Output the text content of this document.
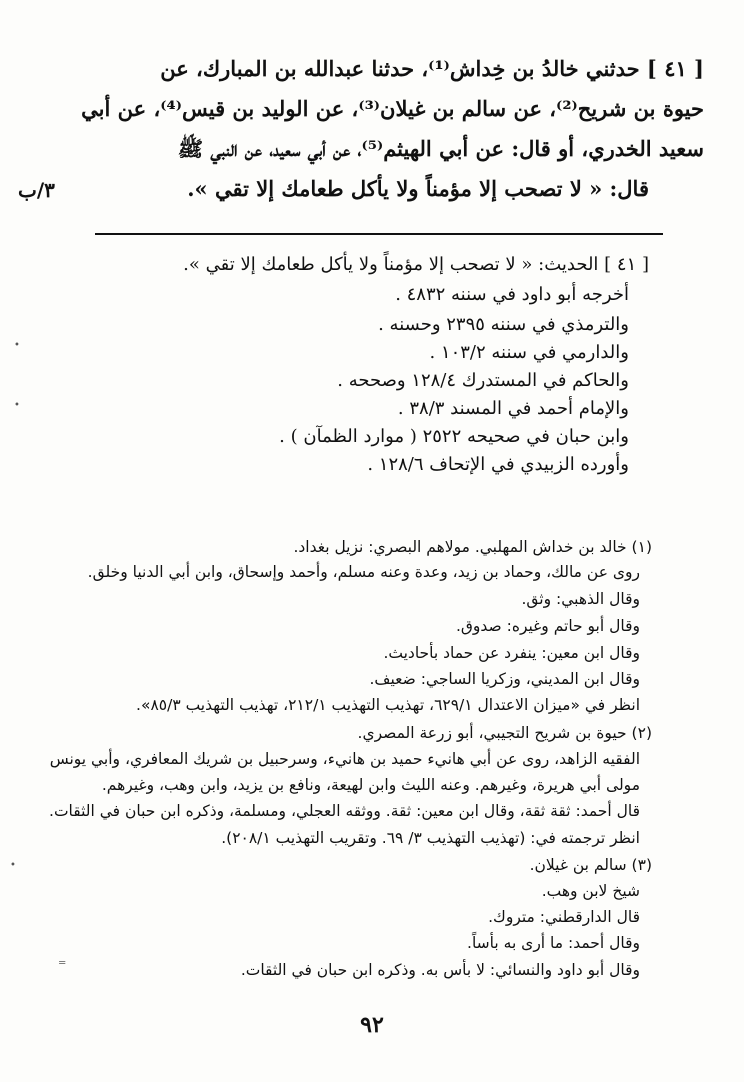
٣/ب
[ ٤١ ] حدثني خالدُ بن خِداش⁽¹⁾، حدثنا عبدالله بن المبارك، عن
حيوة بن شريح⁽²⁾، عن سالم بن غيلان⁽³⁾، عن الوليد بن قيس⁽⁴⁾، عن أبي
سعيد الخدري، أو قال: عن أبي الهيثم⁽⁵⁾، عن أبي سعيد، عن النبي ﷺ
قال: « لا تصحب إلا مؤمناً ولا يأكل طعامك إلا تقي ».
[ ٤١ ] الحديث: « لا تصحب إلا مؤمناً ولا يأكل طعامك إلا تقي ».
أخرجه أبو داود في سننه ٤٨٣٢ .
والترمذي في سننه ٢٣٩٥ وحسنه .
والدارمي في سننه ١٠٣/٢ .
والحاكم في المستدرك ١٢٨/٤ وصححه .
والإمام أحمد في المسند ٣٨/٣ .
وابن حبان في صحيحه ٢٥٢٢ ( موارد الظمآن ) .
وأورده الزبيدي في الإتحاف ١٢٨/٦ .
(١) خالد بن خداش المهلبي. مولاهم البصري: نزيل بغداد.
روى عن مالك، وحماد بن زيد، وعدة وعنه مسلم، وأحمد وإسحاق، وابن أبي الدنيا وخلق.
وقال الذهبي: وثق.
وقال أبو حاتم وغيره: صدوق.
وقال ابن معين: ينفرد عن حماد بأحاديث.
وقال ابن المديني، وزكريا الساجي: ضعيف.
انظر في «ميزان الاعتدال ٦٢٩/١، تهذيب التهذيب ٢١٢/١، تهذيب التهذيب ٨٥/٣».
(٢) حيوة بن شريح التجيبي، أبو زرعة المصري.
الفقيه الزاهد، روى عن أبي هانيء حميد بن هانيء، وسرحبيل بن شريك المعافري، وأبي يونس
مولى أبي هريرة، وغيرهم. وعنه الليث وابن لهيعة، ونافع بن يزيد، وابن وهب، وغيرهم.
قال أحمد: ثقة ثقة، وقال ابن معين: ثقة. ووثقه العجلي، ومسلمة، وذكره ابن حبان في الثقات.
انظر ترجمته في: (تهذيب التهذيب ٣/ ٦٩. وتقريب التهذيب ٢٠٨/١).
(٣) سالم بن غيلان.
شيخ لابن وهب.
قال الدارقطني: متروك.
وقال أحمد: ما أرى به بأساً.
وقال أبو داود والنسائي: لا بأس به. وذكره ابن حبان في الثقات.
٩٢
•
•
•
=
